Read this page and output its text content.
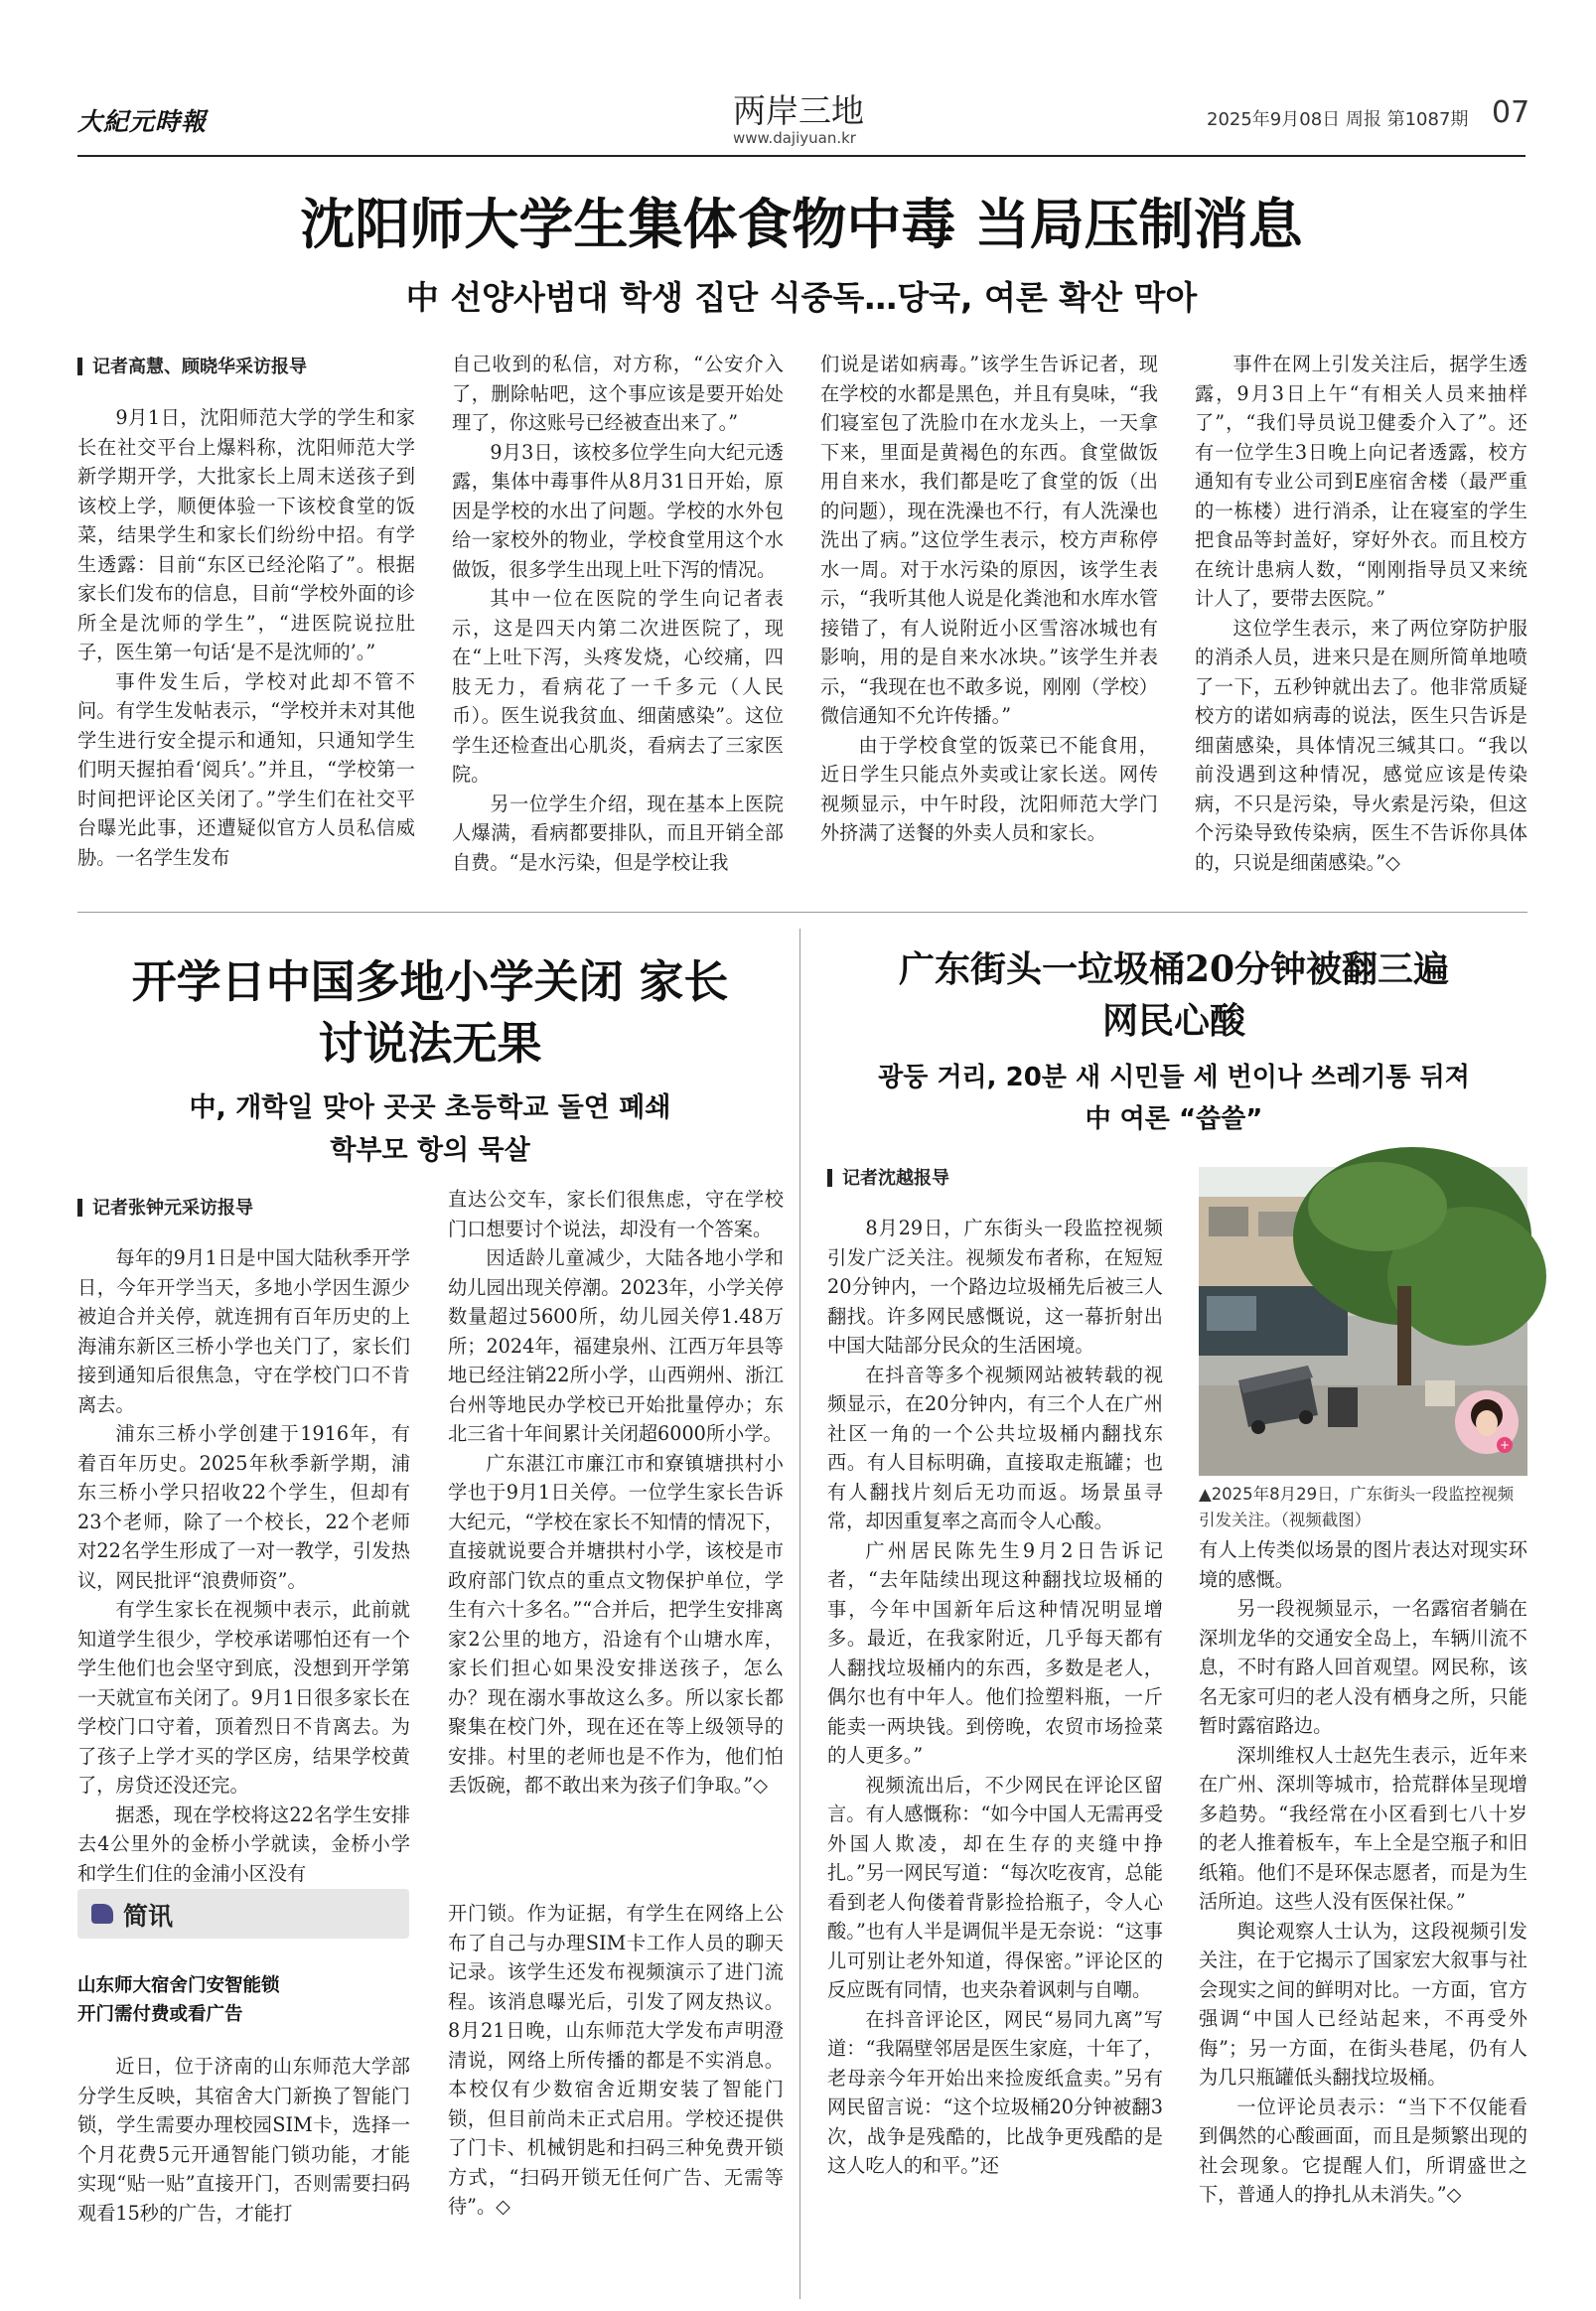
大紀元時報	两岸三地
www.dajiyuan.kr
2025年9月08日 周报 第1087期 07
沈阳师大学生集体食物中毒 当局压制消息
中 선양사범대 학생 집단 식중독…당국, 여론 확산 막아
记者高慧、顾晓华采访报导

9月1日，沈阳师范大学的学生和家长在社交平台上爆料称，沈阳师范大学新学期开学，大批家长上周末送孩子到该校上学，顺便体验一下该校食堂的饭菜，结果学生和家长们纷纷中招。有学生透露：目前“东区已经沦陷了”。根据家长们发布的信息，目前“学校外面的诊所全是沈师的学生”，“进医院说拉肚子，医生第一句话‘是不是沈师的’。”

事件发生后，学校对此却不管不问。有学生发帖表示，“学校并未对其他学生进行安全提示和通知，只通知学生们明天握拍看‘阅兵’。”并且，“学校第一时间把评论区关闭了。”学生们在社交平台曝光此事，还遭疑似官方人员私信威胁。一名学生发布

自己收到的私信，对方称，“公安介入了，删除帖吧，这个事应该是要开始处理了，你这账号已经被查出来了。”

9月3日，该校多位学生向大纪元透露，集体中毒事件从8月31日开始，原因是学校的水出了问题。学校的水外包给一家校外的物业，学校食堂用这个水做饭，很多学生出现上吐下泻的情况。

其中一位在医院的学生向记者表示，这是四天内第二次进医院了，现在“上吐下泻，头疼发烧，心绞痛，四肢无力，看病花了一千多元（人民币）。医生说我贫血、细菌感染”。这位学生还检查出心肌炎，看病去了三家医院。

另一位学生介绍，现在基本上医院人爆满，看病都要排队，而且开销全部自费。“是水污染，但是学校让我

们说是诺如病毒。”该学生告诉记者，现在学校的水都是黑色，并且有臭味，“我们寝室包了洗脸巾在水龙头上，一天拿下来，里面是黄褐色的东西。食堂做饭用自来水，我们都是吃了食堂的饭（出的问题），现在洗澡也不行，有人洗澡也洗出了病。”这位学生表示，校方声称停水一周。对于水污染的原因，该学生表示，“我听其他人说是化粪池和水库水管接错了，有人说附近小区雪溶冰城也有影响，用的是自来水冰块。”该学生并表示，“我现在也不敢多说，刚刚（学校）微信通知不允许传播。”

由于学校食堂的饭菜已不能食用，近日学生只能点外卖或让家长送。网传视频显示，中午时段，沈阳师范大学门外挤满了送餐的外卖人员和家长。

事件在网上引发关注后，据学生透露，9月3日上午“有相关人员来抽样了”，“我们导员说卫健委介入了”。还有一位学生3日晚上向记者透露，校方通知有专业公司到E座宿舍楼（最严重的一栋楼）进行消杀，让在寝室的学生把食品等封盖好，穿好外衣。而且校方在统计患病人数，“刚刚指导员又来统计人了，要带去医院。”

这位学生表示，来了两位穿防护服的消杀人员，进来只是在厕所简单地喷了一下，五秒钟就出去了。他非常质疑校方的诺如病毒的说法，医生只告诉是细菌感染，具体情况三缄其口。“我以前没遇到这种情况，感觉应该是传染病，不只是污染，导火索是污染，但这个污染导致传染病，医生不告诉你具体的，只说是细菌感染。”◇

开学日中国多地小学关闭 家长
讨说法无果
中, 개학일 맞아 곳곳 초등학교 돌연 폐쇄
학부모 항의 묵살
记者张钟元采访报导

每年的9月1日是中国大陆秋季开学日，今年开学当天，多地小学因生源少被迫合并关停，就连拥有百年历史的上海浦东新区三桥小学也关门了，家长们接到通知后很焦急，守在学校门口不肯离去。

浦东三桥小学创建于1916年，有着百年历史。2025年秋季新学期，浦东三桥小学只招收22个学生，但却有23个老师，除了一个校长，22个老师对22名学生形成了一对一教学，引发热议，网民批评“浪费师资”。

有学生家长在视频中表示，此前就知道学生很少，学校承诺哪怕还有一个学生他们也会坚守到底，没想到开学第一天就宣布关闭了。9月1日很多家长在学校门口守着，顶着烈日不肯离去。为了孩子上学才买的学区房，结果学校黄了，房贷还没还完。

据悉，现在学校将这22名学生安排去4公里外的金桥小学就读，金桥小学和学生们住的金浦小区没有

直达公交车，家长们很焦虑，守在学校门口想要讨个说法，却没有一个答案。

因适龄儿童减少，大陆各地小学和幼儿园出现关停潮。2023年，小学关停数量超过5600所，幼儿园关停1.48万所；2024年，福建泉州、江西万年县等地已经注销22所小学，山西朔州、浙江台州等地民办学校已开始批量停办；东北三省十年间累计关闭超6000所小学。

广东湛江市廉江市和寮镇塘拱村小学也于9月1日关停。一位学生家长告诉大纪元，“学校在家长不知情的情况下，直接就说要合并塘拱村小学，该校是市政府部门钦点的重点文物保护单位，学生有六十多名。”“合并后，把学生安排离家2公里的地方，沿途有个山塘水库，家长们担心如果没安排送孩子，怎么办？现在溺水事故这么多。所以家长都聚集在校门外，现在还在等上级领导的安排。村里的老师也是不作为，他们怕丢饭碗，都不敢出来为孩子们争取。”◇

简讯
山东师大宿舍门安智能锁
开门需付费或看广告

近日，位于济南的山东师范大学部分学生反映，其宿舍大门新换了智能门锁，学生需要办理校园SIM卡，选择一个月花费5元开通智能门锁功能，才能实现“贴一贴”直接开门，否则需要扫码观看15秒的广告，才能打

开门锁。作为证据，有学生在网络上公布了自己与办理SIM卡工作人员的聊天记录。该学生还发布视频演示了进门流程。该消息曝光后，引发了网友热议。8月21日晚，山东师范大学发布声明澄清说，网络上所传播的都是不实消息。本校仅有少数宿舍近期安装了智能门锁，但目前尚未正式启用。学校还提供了门卡、机械钥匙和扫码三种免费开锁方式，“扫码开锁无任何广告、无需等待”。◇

广东街头一垃圾桶20分钟被翻三遍
网民心酸
광둥 거리, 20분 새 시민들 세 번이나 쓰레기통 뒤져
中 여론 “씁쓸”
记者沈越报导

8月29日，广东街头一段监控视频引发广泛关注。视频发布者称，在短短20分钟内，一个路边垃圾桶先后被三人翻找。许多网民感慨说，这一幕折射出中国大陆部分民众的生活困境。

在抖音等多个视频网站被转载的视频显示，在20分钟内，有三个人在广州社区一角的一个公共垃圾桶内翻找东西。有人目标明确，直接取走瓶罐；也有人翻找片刻后无功而返。场景虽寻常，却因重复率之高而令人心酸。

广州居民陈先生9月2日告诉记者，“去年陆续出现这种翻找垃圾桶的事，今年中国新年后这种情况明显增多。最近，在我家附近，几乎每天都有人翻找垃圾桶内的东西，多数是老人，偶尔也有中年人。他们捡塑料瓶，一斤能卖一两块钱。到傍晚，农贸市场捡菜的人更多。”

视频流出后，不少网民在评论区留言。有人感慨称：“如今中国人无需再受外国人欺凌，却在生存的夹缝中挣扎。”另一网民写道：“每次吃夜宵，总能看到老人佝偻着背影捡拾瓶子，令人心酸。”也有人半是调侃半是无奈说：“这事儿可别让老外知道，得保密。”评论区的反应既有同情，也夹杂着讽刺与自嘲。

在抖音评论区，网民“易同九离”写道：“我隔壁邻居是医生家庭，十年了，老母亲今年开始出来捡废纸盒卖。”另有网民留言说：“这个垃圾桶20分钟被翻3次，战争是残酷的，比战争更残酷的是这人吃人的和平。”还

+
▲2025年8月29日，广东街头一段监控视频引发关注。（视频截图）

有人上传类似场景的图片表达对现实环境的感慨。

另一段视频显示，一名露宿者躺在深圳龙华的交通安全岛上，车辆川流不息，不时有路人回首观望。网民称，该名无家可归的老人没有栖身之所，只能暂时露宿路边。

深圳维权人士赵先生表示，近年来在广州、深圳等城市，拾荒群体呈现增多趋势。“我经常在小区看到七八十岁的老人推着板车，车上全是空瓶子和旧纸箱。他们不是环保志愿者，而是为生活所迫。这些人没有医保社保。”

舆论观察人士认为，这段视频引发关注，在于它揭示了国家宏大叙事与社会现实之间的鲜明对比。一方面，官方强调“中国人已经站起来，不再受外侮”；另一方面，在街头巷尾，仍有人为几只瓶罐低头翻找垃圾桶。

一位评论员表示：“当下不仅能看到偶然的心酸画面，而且是频繁出现的社会现象。它提醒人们，所谓盛世之下，普通人的挣扎从未消失。”◇
